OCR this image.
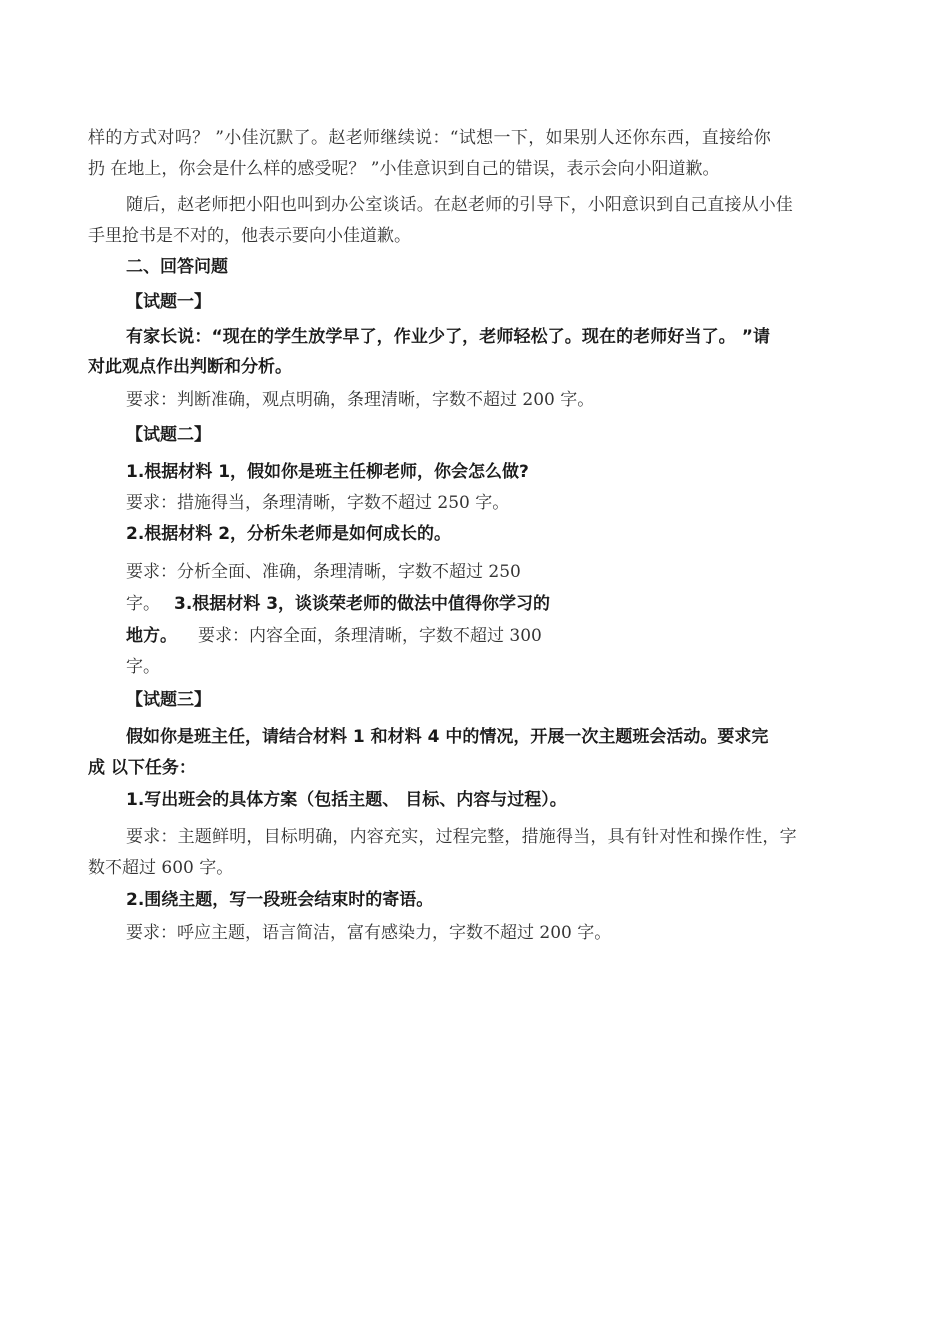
样的方式对吗？ ”小佳沉默了。赵老师继续说：“试想一下，如果别人还你东西，直接给你
扔 在地上，你会是什么样的感受呢？ ”小佳意识到自己的错误，表示会向小阳道歉。
随后，赵老师把小阳也叫到办公室谈话。在赵老师的引导下，小阳意识到自己直接从小佳
手里抢书是不对的，他表示要向小佳道歉。
二、回答问题
【试题一】
有家长说：“现在的学生放学早了，作业少了，老师轻松了。现在的老师好当了。 ”请
对此观点作出判断和分析。
要求：判断准确，观点明确，条理清晰，字数不超过 200 字。
【试题二】
1.根据材料 1，假如你是班主任柳老师，你会怎么做?
要求：措施得当，条理清晰，字数不超过 250 字。
2.根据材料 2，分析朱老师是如何成长的。
要求：分析全面、准确，条理清晰，字数不超过 250
字。 3.根据材料 3，谈谈荣老师的做法中值得你学习的
地方。 要求：内容全面，条理清晰，字数不超过 300
字。
【试题三】
假如你是班主任，请结合材料 1 和材料 4 中的情况，开展一次主题班会活动。要求完
成 以下任务：
1.写出班会的具体方案（包括主题、 目标、内容与过程）。
要求：主题鲜明，目标明确，内容充实，过程完整，措施得当，具有针对性和操作性，字
数不超过 600 字。
2.围绕主题，写一段班会结束时的寄语。
要求：呼应主题，语言简洁，富有感染力，字数不超过 200 字。
